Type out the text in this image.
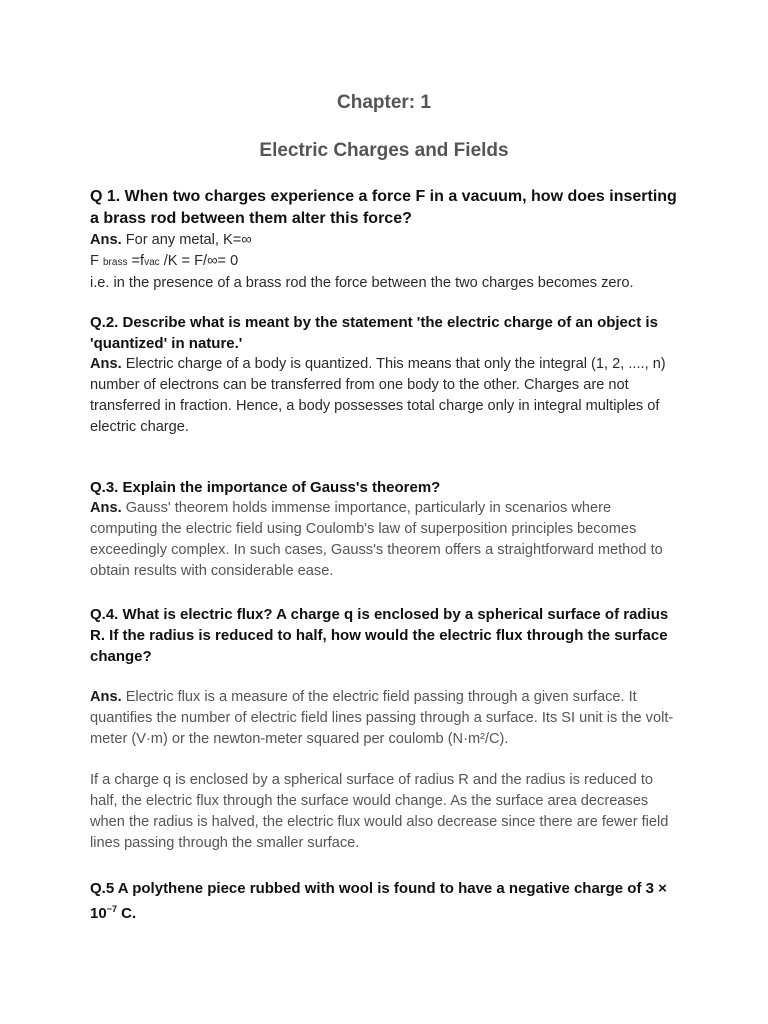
Chapter: 1
Electric Charges and Fields

Q 1. When two charges experience a force F in a vacuum, how does inserting a brass rod between them alter this force?

Ans. For any metal, K=∞

F brass =fvac /K = F/∞= 0

i.e. in the presence of a brass rod the force between the two charges becomes zero.

Q.2. Describe what is meant by the statement 'the electric charge of an object is 'quantized' in nature.'

Ans. Electric charge of a body is quantized. This means that only the integral (1, 2, ...., n) number of electrons can be transferred from one body to the other. Charges are not transferred in fraction. Hence, a body possesses total charge only in integral multiples of electric charge.

Q.3. Explain the importance of Gauss's theorem?

Ans. Gauss' theorem holds immense importance, particularly in scenarios where computing the electric field using Coulomb's law of superposition principles becomes exceedingly complex. In such cases, Gauss's theorem offers a straightforward method to obtain results with considerable ease.

Q.4. What is electric flux? A charge q is enclosed by a spherical surface of radius R. If the radius is reduced to half, how would the electric flux through the surface change?

Ans. Electric flux is a measure of the electric field passing through a given surface. It quantifies the number of electric field lines passing through a surface. Its SI unit is the volt-meter (V·m) or the newton-meter squared per coulomb (N·m²/C).

If a charge q is enclosed by a spherical surface of radius R and the radius is reduced to half, the electric flux through the surface would change. As the surface area decreases when the radius is halved, the electric flux would also decrease since there are fewer field lines passing through the smaller surface.

Q.5 A polythene piece rubbed with wool is found to have a negative charge of $3 \times 10^{-7}$ C.
